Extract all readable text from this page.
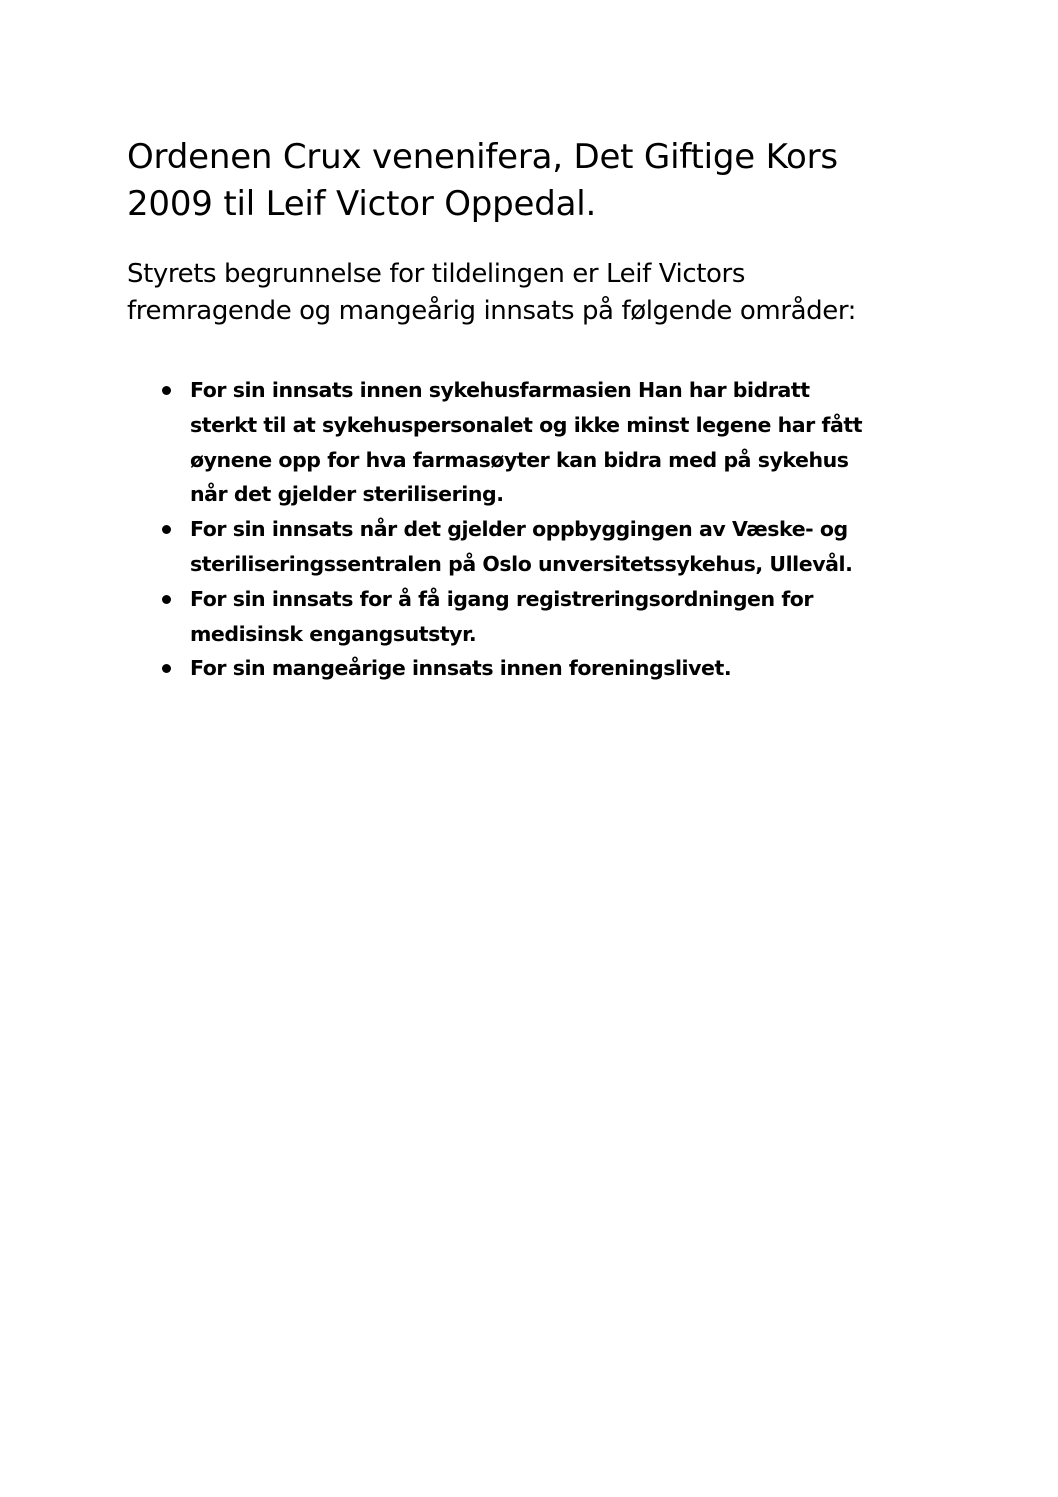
Ordenen Crux venenifera, Det Giftige Kors
2009 til Leif Victor Oppedal.

Styrets begrunnelse for tildelingen er Leif Victors
fremragende og mangeårig innsats på følgende områder:

For sin innsats innen sykehusfarmasien Han har bidratt
sterkt til at sykehuspersonalet og ikke minst legene har fått
øynene opp for hva farmasøyter kan bidra med på sykehus
når det gjelder sterilisering.
For sin innsats når det gjelder oppbyggingen av Væske- og
steriliseringssentralen på Oslo unversitetssykehus, Ullevål.
For sin innsats for å få igang registreringsordningen for
medisinsk engangsutstyr.
For sin mangeårige innsats innen foreningslivet.
